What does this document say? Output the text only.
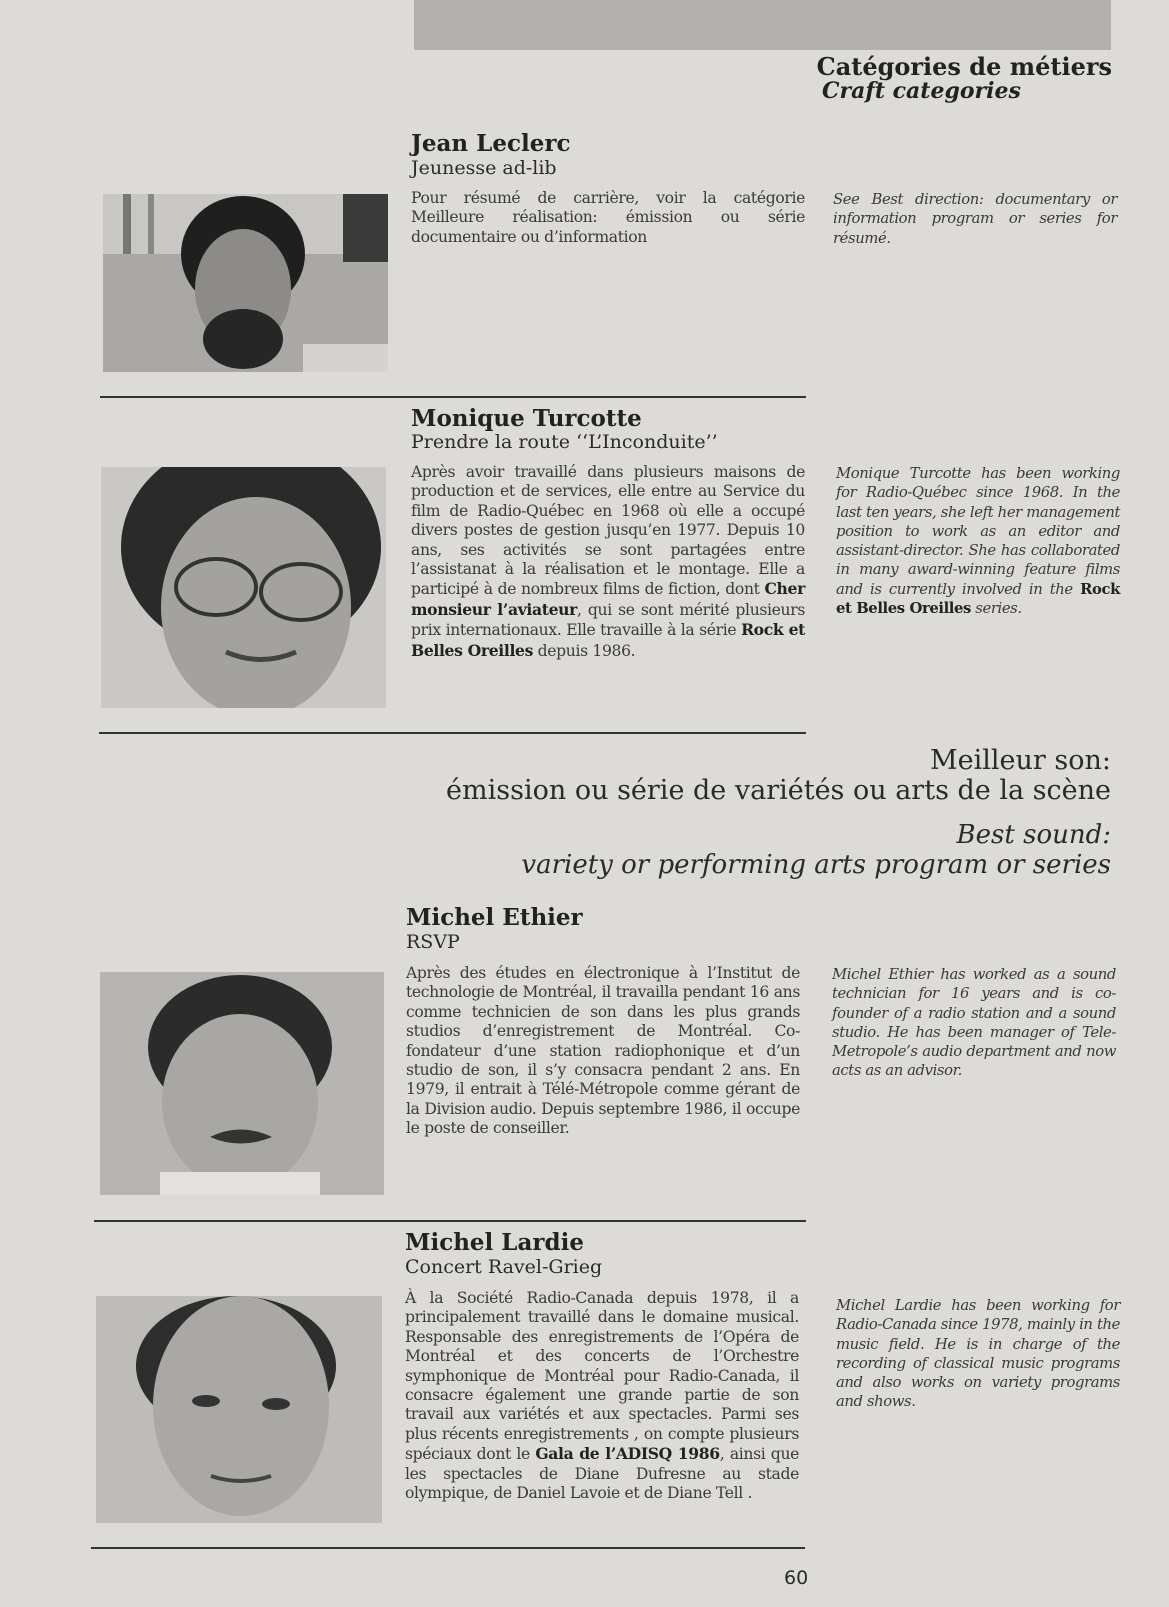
Catégories de métiers
Craft categories
Jean Leclerc
Jeunesse ad-lib
Pour résumé de carrière, voir la catégorie Meilleure réalisation: émission ou série documentaire ou d’information
See Best direction: documentary or information program or series for résumé.
Monique Turcotte
Prendre la route ‘‘L’Inconduite’’
Après avoir travaillé dans plusieurs maisons de production et de services, elle entre au Service du film de Radio-Québec en 1968 où elle a occupé divers postes de gestion jusqu’en 1977. Depuis 10 ans, ses activités se sont partagées entre l’assistanat à la réalisation et le montage. Elle a participé à de nombreux films de fiction, dont Cher monsieur l’aviateur, qui se sont mérité plusieurs prix internationaux. Elle travaille à la série Rock et Belles Oreilles depuis 1986.
Monique Turcotte has been working for Radio-Québec since 1968. In the last ten years, she left her management position to work as an editor and assistant-director. She has collaborated in many award-winning feature films and is currently involved in the Rock et Belles Oreilles series.
Meilleur son:
émission ou série de variétés ou arts de la scène
Best sound:
variety or performing arts program or series
Michel Ethier
RSVP
Après des études en électronique à l’Institut de technologie de Montréal, il travailla pendant 16 ans comme technicien de son dans les plus grands studios d’enregistrement de Montréal. Co-fondateur d’une station radiophonique et d’un studio de son, il s’y consacra pendant 2 ans. En 1979, il entrait à Télé-Métropole comme gérant de la Division audio. Depuis septembre 1986, il occupe le poste de conseiller.
Michel Ethier has worked as a sound technician for 16 years and is co-founder of a radio station and a sound studio. He has been manager of Tele-Metropole’s audio department and now acts as an advisor.
Michel Lardie
Concert Ravel-Grieg
À la Société Radio-Canada depuis 1978, il a principalement travaillé dans le domaine musical. Responsable des enregistrements de l’Opéra de Montréal et des concerts de l’Orchestre symphonique de Montréal pour Radio-Canada, il consacre également une grande partie de son travail aux variétés et aux spectacles. Parmi ses plus récents enregistrements , on compte plusieurs spéciaux dont le Gala de l’ADISQ 1986, ainsi que les spectacles de Diane Dufresne au stade olympique, de Daniel Lavoie et de Diane Tell .
Michel Lardie has been working for Radio-Canada since 1978, mainly in the music field. He is in charge of the recording of classical music programs and also works on variety programs and shows.
60
